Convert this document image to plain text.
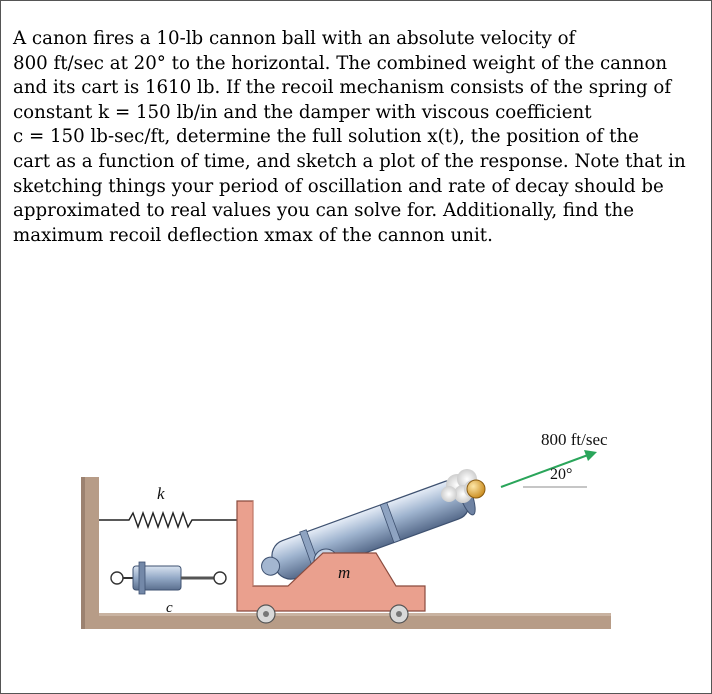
A canon fires a 10-lb cannon ball with an absolute velocity of
800 ft/sec at 20° to the horizontal. The combined weight of the cannon
and its cart is 1610 lb. If the recoil mechanism consists of the spring of
constant k = 150 lb/in and the damper with viscous coefficient
c = 150 lb-sec/ft, determine the full solution x(t), the position of the
cart as a function of time, and sketch a plot of the response. Note that in
sketching things your period of oscillation and rate of decay should be
approximated to real values you can solve for. Additionally, find the
maximum recoil deflection xmax of the cannon unit.
k
c
m
800 ft/sec
20°
